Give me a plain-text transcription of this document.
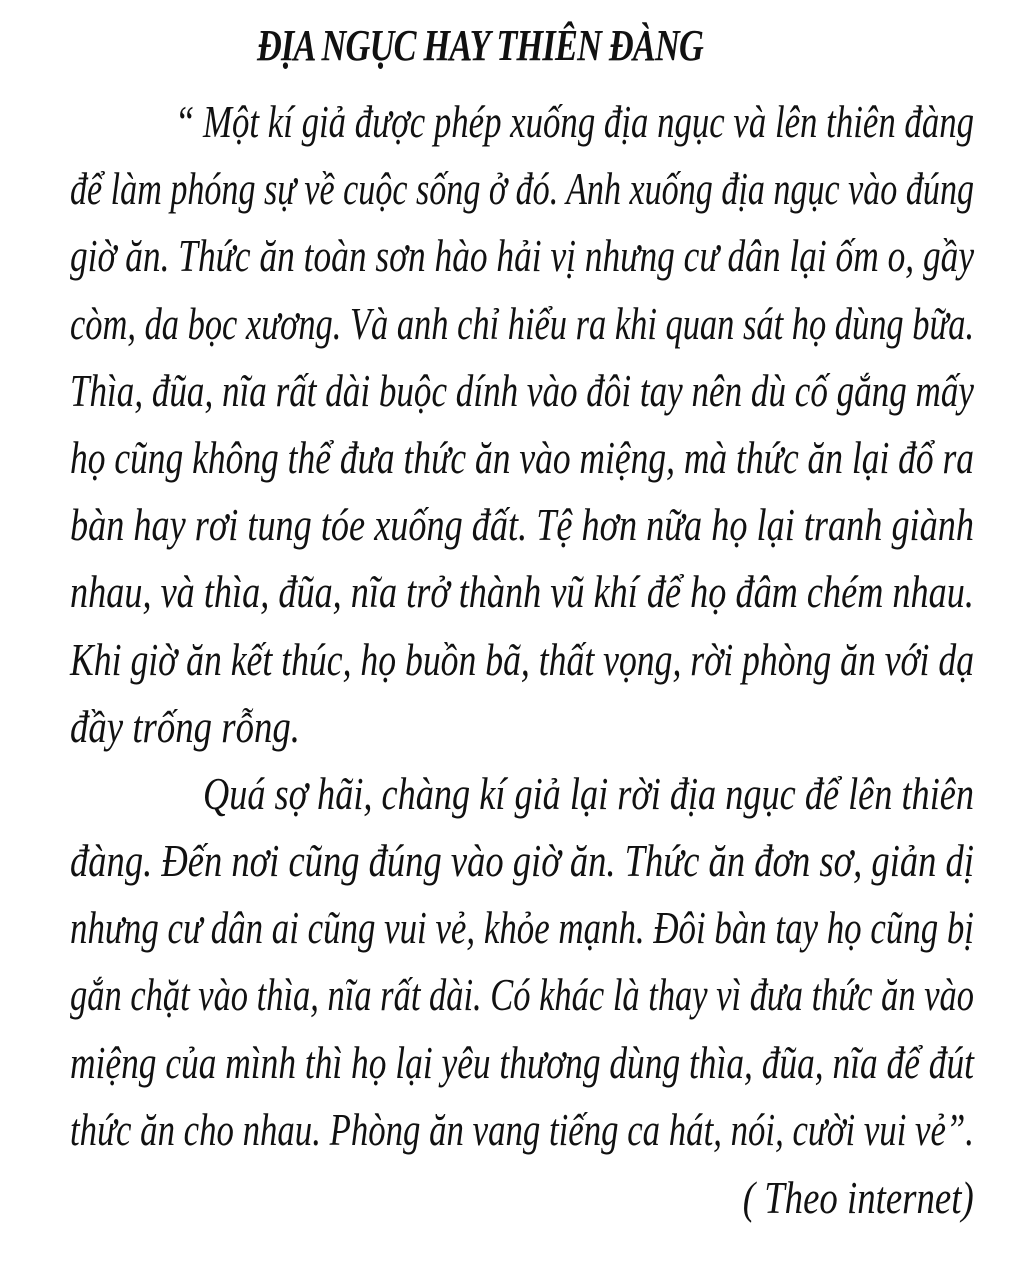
ĐỊA NGỤC HAY THIÊN ĐÀNG
“ Một kí giả được phép xuống địa ngục và lên thiên đàng
để làm phóng sự về cuộc sống ở đó. Anh xuống địa ngục vào đúng
giờ ăn. Thức ăn toàn sơn hào hải vị nhưng cư dân lại ốm o, gầy
còm, da bọc xương. Và anh chỉ hiểu ra khi quan sát họ dùng bữa.
Thìa, đũa, nĩa rất dài buộc dính vào đôi tay nên dù cố gắng mấy
họ cũng không thể đưa thức ăn vào miệng, mà thức ăn lại đổ ra
bàn hay rơi tung tóe xuống đất. Tệ hơn nữa họ lại tranh giành
nhau, và thìa, đũa, nĩa trở thành vũ khí để họ đâm chém nhau.
Khi giờ ăn kết thúc, họ buồn bã, thất vọng, rời phòng ăn với dạ
đầy trống rỗng.
Quá sợ hãi, chàng kí giả lại rời địa ngục để lên thiên
đàng. Đến nơi cũng đúng vào giờ ăn. Thức ăn đơn sơ, giản dị
nhưng cư dân ai cũng vui vẻ, khỏe mạnh. Đôi bàn tay họ cũng bị
gắn chặt vào thìa, nĩa rất dài. Có khác là thay vì đưa thức ăn vào
miệng của mình thì họ lại yêu thương dùng thìa, đũa, nĩa để đút
thức ăn cho nhau. Phòng ăn vang tiếng ca hát, nói, cười vui vẻ”.
( Theo internet)
